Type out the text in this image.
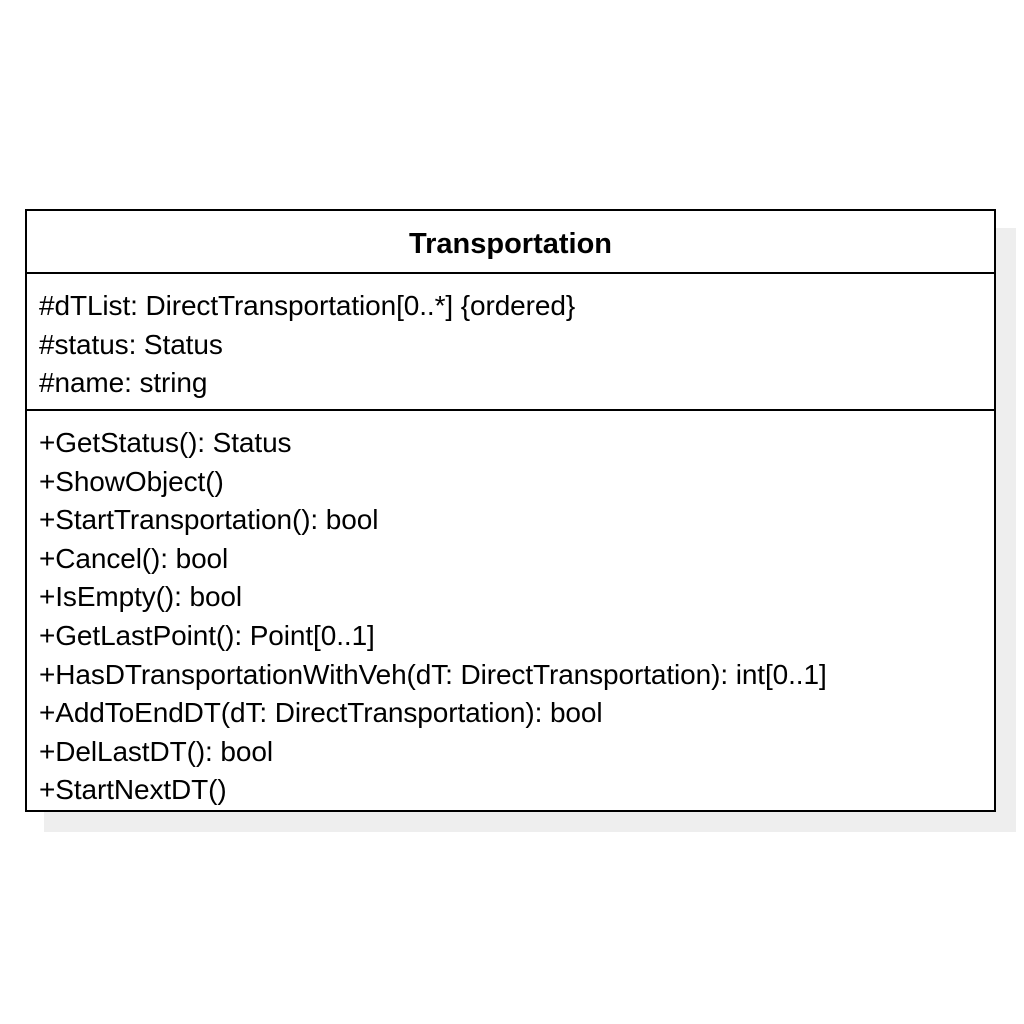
Transportation
#dTList: DirectTransportation[0..*] {ordered}
#status: Status
#name: string
+GetStatus(): Status
+ShowObject()
+StartTransportation(): bool
+Cancel(): bool
+IsEmpty(): bool
+GetLastPoint(): Point[0..1]
+HasDTransportationWithVeh(dT: DirectTransportation): int[0..1]
+AddToEndDT(dT: DirectTransportation): bool
+DelLastDT(): bool
+StartNextDT()
